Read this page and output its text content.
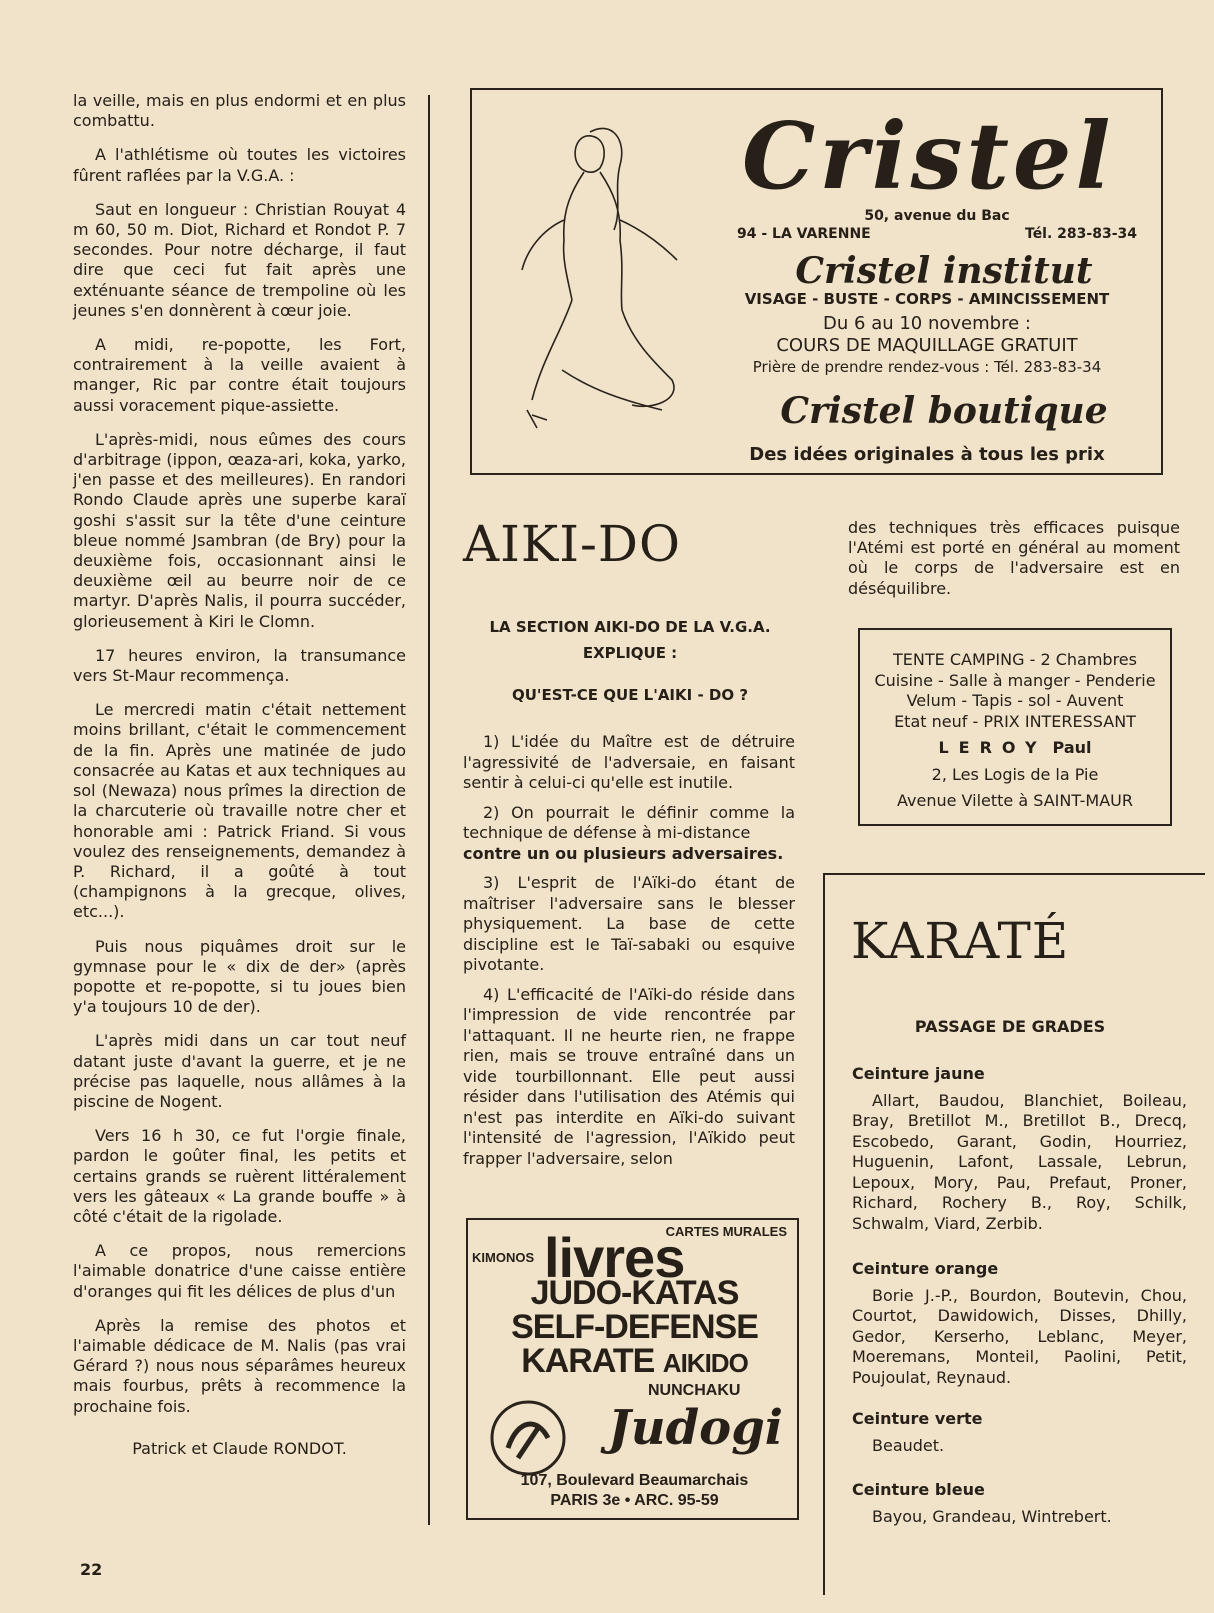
la veille, mais en plus endormi et en plus combattu.

A l'athlétisme où toutes les victoires fûrent raflées par la V.G.A. :

Saut en longueur : Christian Rouyat 4 m 60, 50 m. Diot, Richard et Rondot P. 7 secondes. Pour notre décharge, il faut dire que ceci fut fait après une exténuante séance de trempoline où les jeunes s'en donnèrent à cœur joie.

A midi, re-popotte, les Fort, contrairement à la veille avaient à manger, Ric par contre était toujours aussi voracement pique-assiette.

L'après-midi, nous eûmes des cours d'arbitrage (ippon, œaza-ari, koka, yarko, j'en passe et des meilleures). En randori Rondo Claude après une superbe karaï goshi s'assit sur la tête d'une ceinture bleue nommé Jsambran (de Bry) pour la deuxième fois, occasionnant ainsi le deuxième œil au beurre noir de ce martyr. D'après Nalis, il pourra succéder, glorieusement à Kiri le Clomn.

17 heures environ, la transumance vers St-Maur recommença.

Le mercredi matin c'était nettement moins brillant, c'était le commencement de la fin. Après une matinée de judo consacrée au Katas et aux techniques au sol (Newaza) nous prîmes la direction de la charcuterie où travaille notre cher et honorable ami : Patrick Friand. Si vous voulez des renseignements, demandez à P. Richard, il a goûté à tout (champignons à la grecque, olives, etc...).

Puis nous piquâmes droit sur le gymnase pour le « dix de der» (après popotte et re-popotte, si tu joues bien y'a toujours 10 de der).

L'après midi dans un car tout neuf datant juste d'avant la guerre, et je ne précise pas laquelle, nous allâmes à la piscine de Nogent.

Vers 16 h 30, ce fut l'orgie finale, pardon le goûter final, les petits et certains grands se ruèrent littéralement vers les gâteaux « La grande bouffe » à côté c'était de la rigolade.

A ce propos, nous remercions l'aimable donatrice d'une caisse entière d'oranges qui fit les délices de plus d'un

Après la remise des photos et l'aimable dédicace de M. Nalis (pas vrai Gérard ?) nous nous séparâmes heureux mais fourbus, prêts à recommence la prochaine fois.

Patrick et Claude RONDOT.

22
Cristel
50, avenue du Bac
94 - LA VARENNE	Tél. 283-83-34
Cristel institut
VISAGE - BUSTE - CORPS - AMINCISSEMENT
Du 6 au 10 novembre :
COURS DE MAQUILLAGE GRATUIT
Prière de prendre rendez-vous : Tél. 283-83-34
Cristel boutique
Des idées originales à tous les prix
AIKI-DO
LA SECTION AIKI-DO DE LA V.G.A.
EXPLIQUE :
QU'EST-CE QUE L'AIKI - DO ?

1) L'idée du Maître est de détruire l'agressivité de l'adversaie, en faisant sentir à celui-ci qu'elle est inutile.

2) On pourrait le définir comme la technique de défense à mi-distance

contre un ou plusieurs adversaires.

3) L'esprit de l'Aïki-do étant de maîtriser l'adversaire sans le blesser physiquement. La base de cette discipline est le Taï-sabaki ou esquive pivotante.

4) L'efficacité de l'Aïki-do réside dans l'impression de vide rencontrée par l'attaquant. Il ne heurte rien, ne frappe rien, mais se trouve entraîné dans un vide tourbillonnant. Elle peut aussi résider dans l'utilisation des Atémis qui n'est pas interdite en Aïki-do suivant l'intensité de l'agression, l'Aïkido peut frapper l'adversaire, selon

des techniques très efficaces puisque l'Atémi est porté en général au moment où le corps de l'adversaire est en déséquilibre.
TENTE CAMPING - 2 Chambres
Cuisine - Salle à manger - Penderie
Velum - Tapis - sol - Auvent
Etat neuf - PRIX INTERESSANT
LEROY Paul
2, Les Logis de la Pie
Avenue Vilette à SAINT-MAUR
KARATÉ
PASSAGE DE GRADES
Ceinture jaune
Allart, Baudou, Blanchiet, Boileau, Bray, Bretillot M., Bretillot B., Drecq, Escobedo, Garant, Godin, Hourriez, Huguenin, Lafont, Lassale, Lebrun, Lepoux, Mory, Pau, Prefaut, Proner, Richard, Rochery B., Roy, Schilk, Schwalm, Viard, Zerbib.
Ceinture orange
Borie J.-P., Bourdon, Boutevin, Chou, Courtot, Dawidowich, Disses, Dhilly, Gedor, Kerserho, Leblanc, Meyer, Moeremans, Monteil, Paolini, Petit, Poujoulat, Reynaud.
Ceinture verte
Beaudet.
Ceinture bleue
Bayou, Grandeau, Wintrebert.
KIMONOS
CARTES MURALES
livres
JUDO-KATAS
SELF-DEFENSE
KARATE AIKIDO
NUNCHAKU
Judogi
107, Boulevard Beaumarchais
PARIS 3e • ARC. 95-59
